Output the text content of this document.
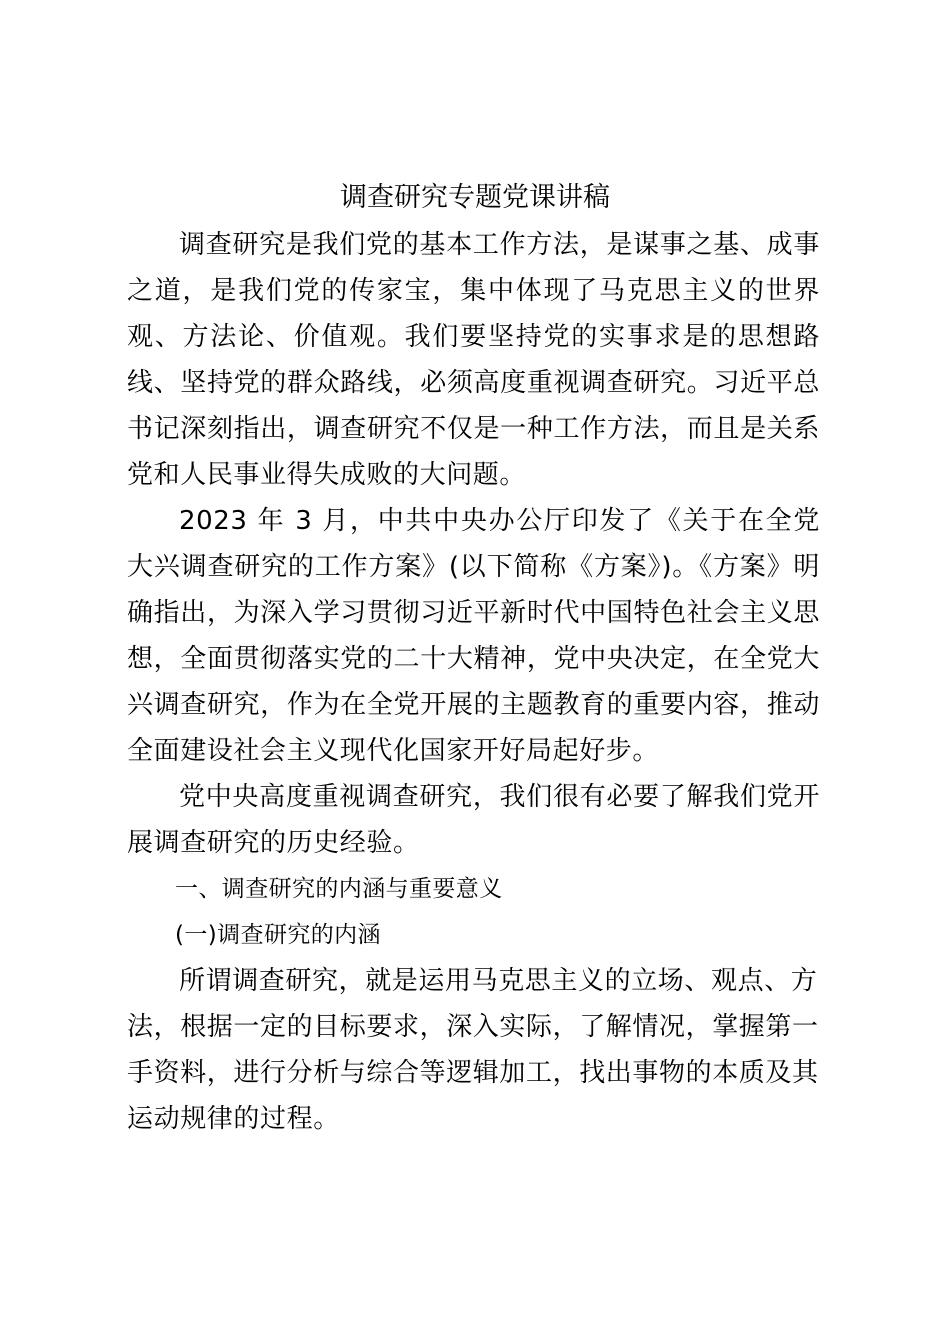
调查研究专题党课讲稿

调查研究是我们党的基本工作方法，是谋事之基、成事之道，是我们党的传家宝，集中体现了马克思主义的世界观、方法论、价值观。我们要坚持党的实事求是的思想路线、坚持党的群众路线，必须高度重视调查研究。习近平总书记深刻指出，调查研究不仅是一种工作方法，而且是关系党和人民事业得失成败的大问题。

2023 年 3 月，中共中央办公厅印发了《关于在全党大兴调查研究的工作方案》(以下简称《方案》)。《方案》明确指出，为深入学习贯彻习近平新时代中国特色社会主义思想，全面贯彻落实党的二十大精神，党中央决定，在全党大兴调查研究，作为在全党开展的主题教育的重要内容，推动全面建设社会主义现代化国家开好局起好步。

党中央高度重视调查研究，我们很有必要了解我们党开展调查研究的历史经验。

一、调查研究的内涵与重要意义

(一)调查研究的内涵

所谓调查研究，就是运用马克思主义的立场、观点、方法，根据一定的目标要求，深入实际，了解情况，掌握第一手资料，进行分析与综合等逻辑加工，找出事物的本质及其运动规律的过程。
